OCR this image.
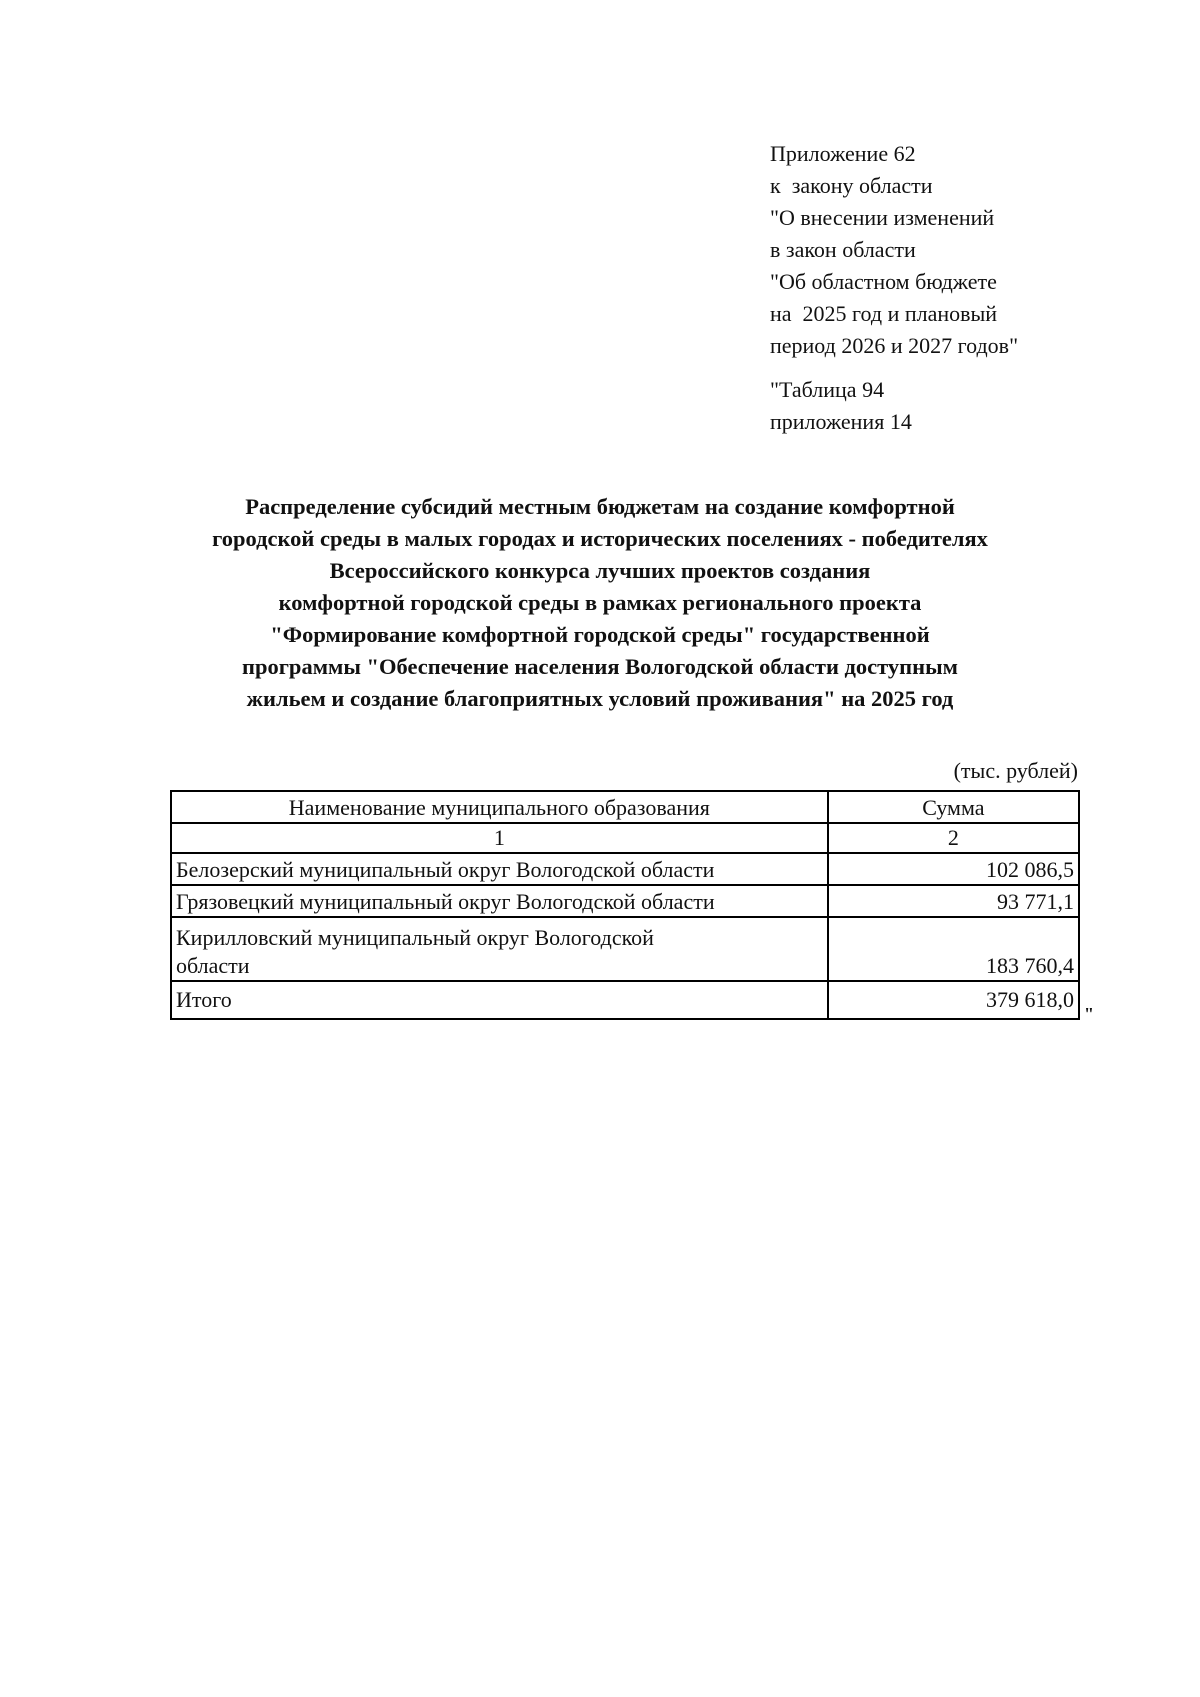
Приложение 62
к  закону области
"О внесении изменений
в закон области
"Об областном бюджете
на  2025 год и плановый
период 2026 и 2027 годов"
"Таблица 94
приложения 14
Распределение субсидий местным бюджетам на создание комфортной
городской среды в малых городах и исторических поселениях - победителях
Всероссийского конкурса лучших проектов создания
комфортной городской среды в рамках регионального проекта
"Формирование комфортной городской среды" государственной
программы "Обеспечение населения Вологодской области доступным
жильем и создание благоприятных условий проживания" на 2025 год
(тыс. рублей)
Наименование муниципального образования	Сумма
1	2
Белозерский муниципальный округ Вологодской области	102 086,5
Грязовецкий муниципальный округ Вологодской области	93 771,1

Кирилловский муниципальный округ Вологодской
области	183 760,4
Итого	379 618,0
"
